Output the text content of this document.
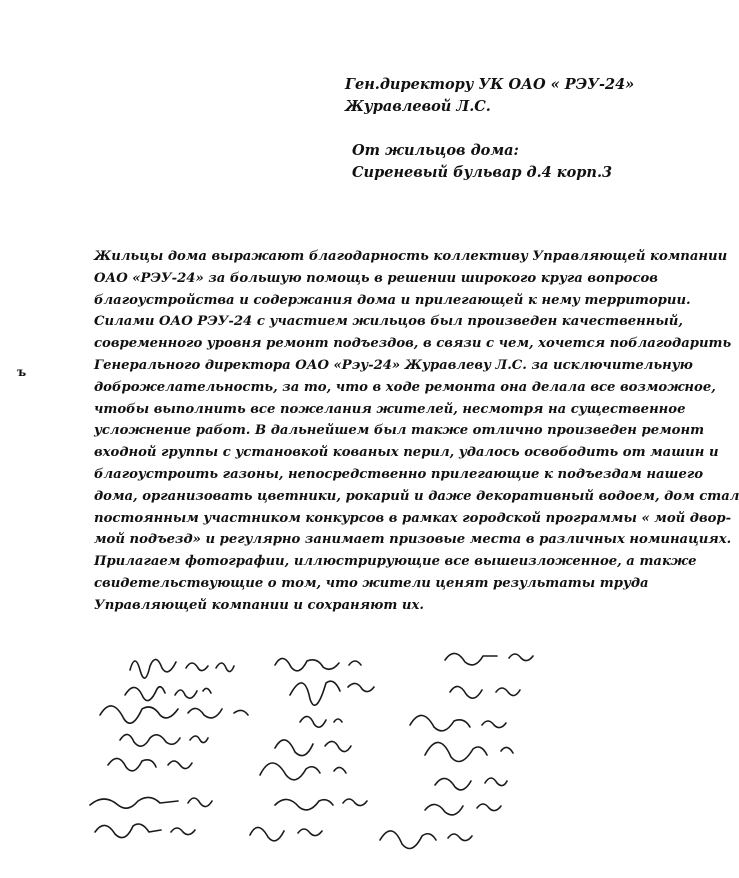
Ген.директору УК ОАО « РЭУ-24»
Журавлевой Л.С.
От жильцов дома:
Сиреневый бульвар д.4 корп.3
ъ
Жильцы дома выражают благодарность коллективу Управляющей компании
ОАО «РЭУ-24» за большую помощь в решении широкого круга вопросов
благоустройства и содержания дома и прилегающей к нему территории.
Силами ОАО РЭУ-24 с участием жильцов был произведен качественный,
современного уровня ремонт подъездов, в связи с чем, хочется поблагодарить
Генерального директора ОАО «Рэу-24» Журавлеву Л.С. за исключительную
доброжелательность, за то, что в ходе ремонта она делала все возможное,
чтобы выполнить все пожелания жителей, несмотря на существенное
усложнение работ. В дальнейшем был также отлично произведен ремонт
входной группы с установкой кованых перил, удалось освободить от машин и
благоустроить газоны, непосредственно прилегающие к подъездам нашего
дома, организовать цветники, рокарий и даже декоративный водоем, дом стал
постоянным участником конкурсов в рамках городской программы « мой двор-
мой подъезд» и регулярно занимает призовые места в различных номинациях.
Прилагаем фотографии, иллюстрирующие все вышеизложенное, а также
свидетельствующие о том, что жители ценят результаты труда
Управляющей компании и сохраняют их.
